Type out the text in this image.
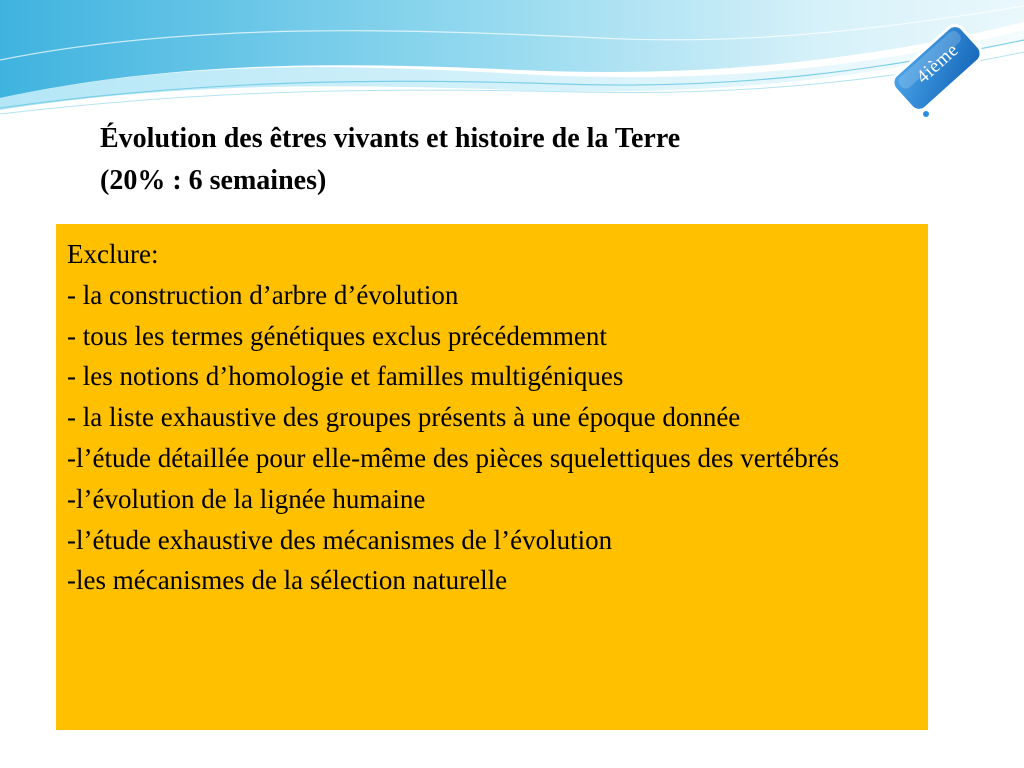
4ième
Évolution des êtres vivants et histoire de la Terre
(20% : 6 semaines)

Exclure:

- la construction d’arbre d’évolution

- tous les termes génétiques exclus précédemment

- les notions d’homologie et familles multigéniques

- la liste exhaustive des groupes présents à une époque donnée

-l’étude détaillée pour elle-même des pièces squelettiques des vertébrés

-l’évolution de la lignée humaine

-l’étude exhaustive des mécanismes de l’évolution

-les mécanismes de la sélection naturelle
